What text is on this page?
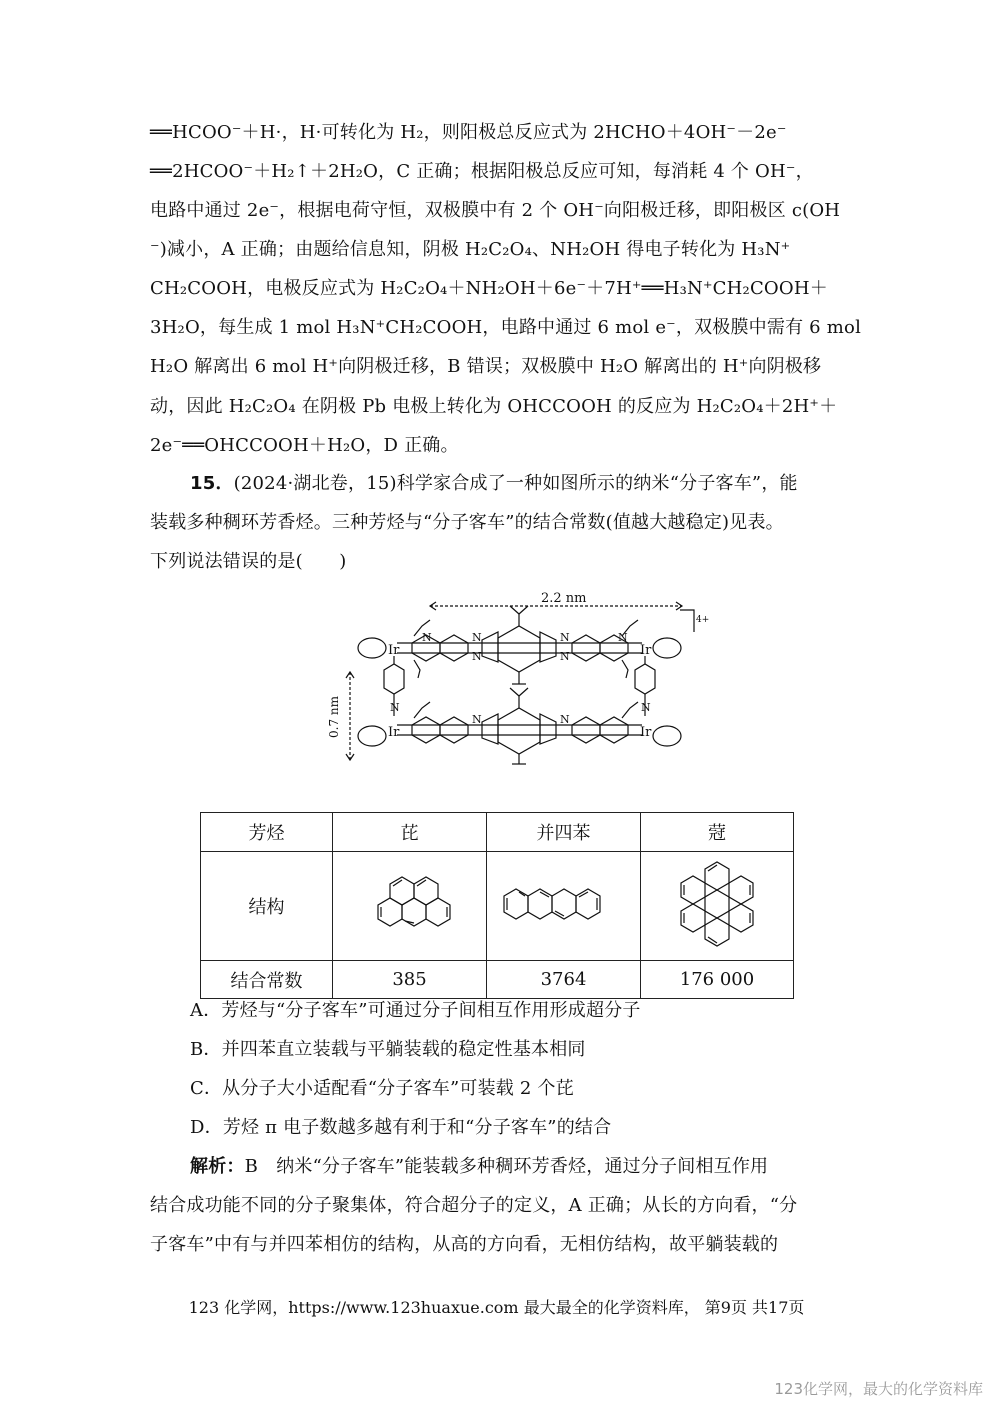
══HCOO⁻＋H·，H·可转化为 H₂，则阳极总反应式为 2HCHO＋4OH⁻－2e⁻
══2HCOO⁻＋H₂↑＋2H₂O，C 正确；根据阳极总反应可知，每消耗 4 个 OH⁻，
电路中通过 2e⁻，根据电荷守恒，双极膜中有 2 个 OH⁻向阳极迁移，即阳极区 c(OH
⁻)减小，A 正确；由题给信息知，阴极 H₂C₂O₄、NH₂OH 得电子转化为 H₃N⁺
CH₂COOH，电极反应式为 H₂C₂O₄＋NH₂OH＋6e⁻＋7H⁺══H₃N⁺CH₂COOH＋
3H₂O，每生成 1 mol H₃N⁺CH₂COOH，电路中通过 6 mol e⁻，双极膜中需有 6 mol
H₂O 解离出 6 mol H⁺向阴极迁移，B 错误；双极膜中 H₂O 解离出的 H⁺向阴极移
动，因此 H₂C₂O₄ 在阴极 Pb 电极上转化为 OHCCOOH 的反应为 H₂C₂O₄＋2H⁺＋
2e⁻══OHCCOOH＋H₂O，D 正确。
15．(2024·湖北卷，15)科学家合成了一种如图所示的纳米“分子客车”，能
装载多种稠环芳香烃。三种芳烃与“分子客车”的结合常数(值越大越稳定)见表。
下列说法错误的是(　　)
2.2 nm
4+
Ir	Ir
Ir	Ir
N	N
N
N
N
N
N	N
N	N
0.7 nm
芳烃	芘	并四苯	蒄
结构			
结合常数	385	3764	176 000
A．芳烃与“分子客车”可通过分子间相互作用形成超分子
B．并四苯直立装载与平躺装载的稳定性基本相同
C．从分子大小适配看“分子客车”可装载 2 个芘
D．芳烃 π 电子数越多越有利于和“分子客车”的结合
解析：B　纳米“分子客车”能装载多种稠环芳香烃，通过分子间相互作用
结合成功能不同的分子聚集体，符合超分子的定义，A 正确；从长的方向看，“分
子客车”中有与并四苯相仿的结构，从高的方向看，无相仿结构，故平躺装载的
123 化学网，https://www.123huaxue.com 最大最全的化学资料库， 第9页 共17页
123化学网，最大的化学资料库
